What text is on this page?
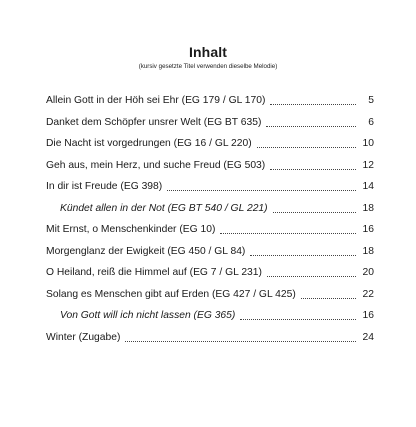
Inhalt
(kursiv gesetzte Titel verwenden dieselbe Melodie)
Allein Gott in der Höh sei Ehr (EG 179 / GL 170)	5
Danket dem Schöpfer unsrer Welt (EG BT 635)	6
Die Nacht ist vorgedrungen (EG 16 / GL 220)	10
Geh aus, mein Herz, und suche Freud (EG 503)	12
In dir ist Freude (EG 398)	14
Kündet allen in der Not (EG BT 540 / GL 221)	18
Mit Ernst, o Menschenkinder (EG 10)	16
Morgenglanz der Ewigkeit (EG 450 / GL 84)	18
O Heiland, reiß die Himmel auf (EG 7 / GL 231)	20
Solang es Menschen gibt auf Erden (EG 427 / GL 425)	22
Von Gott will ich nicht lassen (EG 365)	16
Winter (Zugabe)	24
